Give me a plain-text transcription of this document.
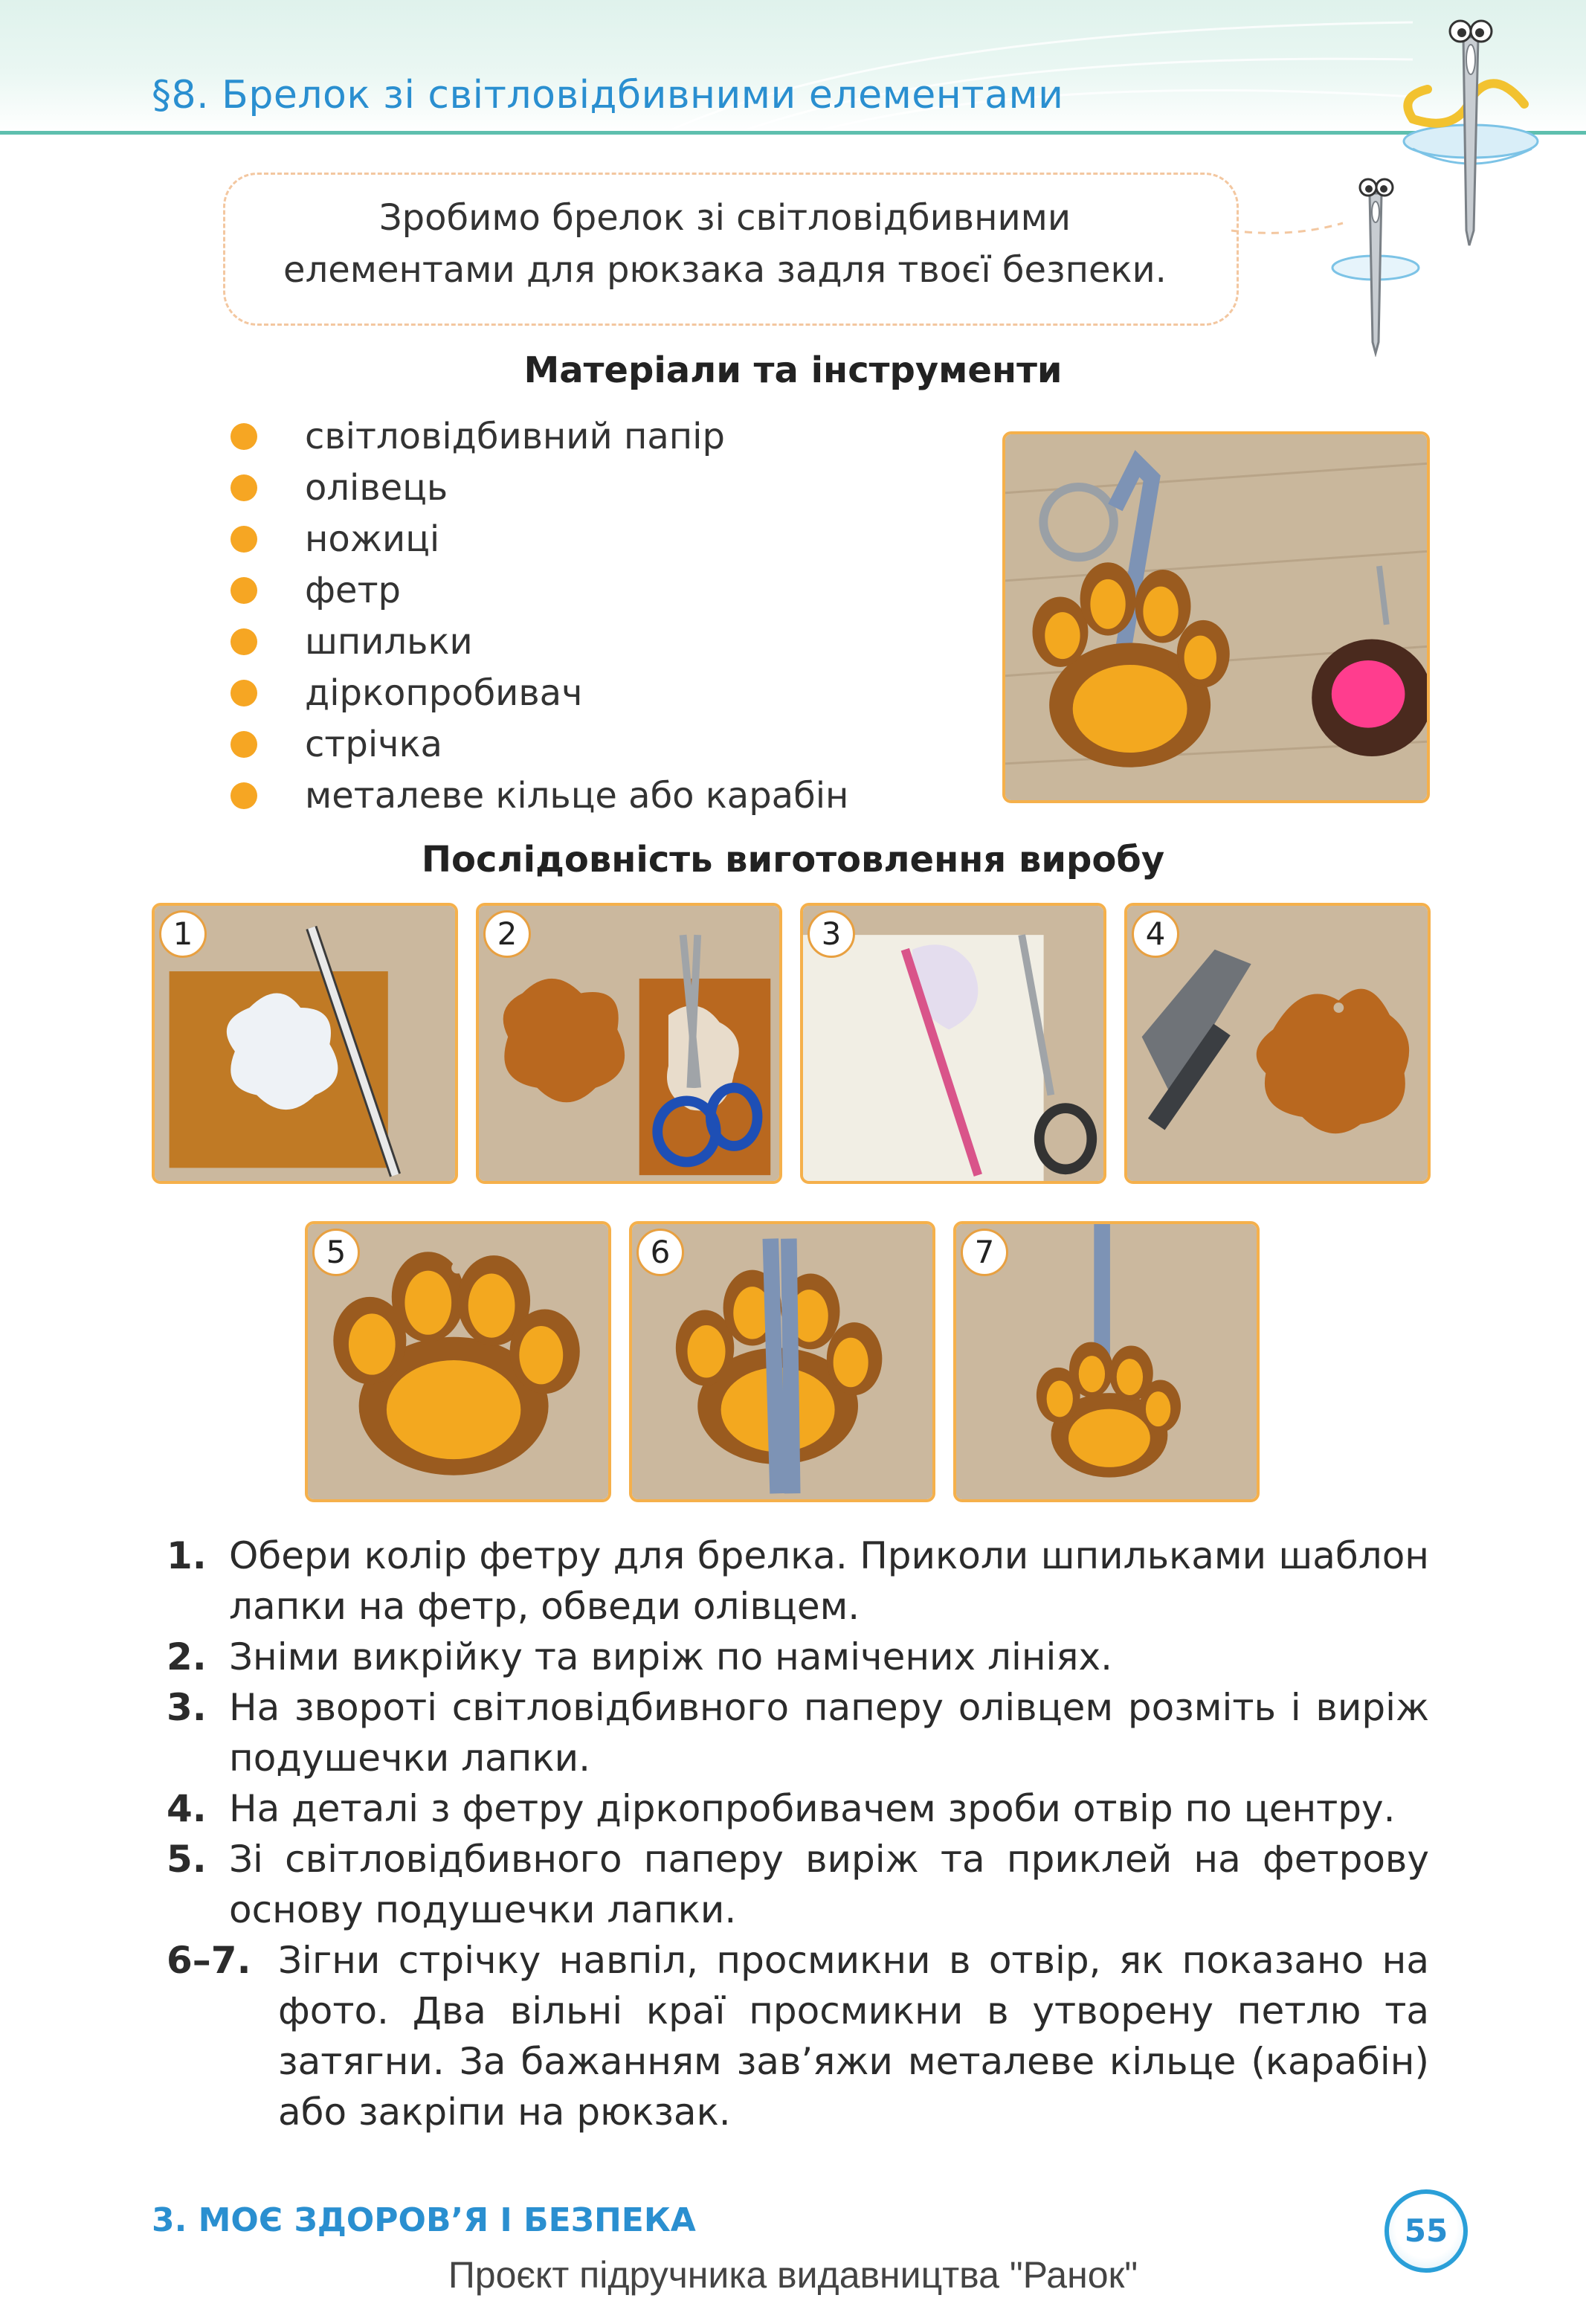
§8. Брелок зі світловідбивними елементами
Зробимо брелок зі світловідбивними
елементами для рюкзака задля твоєї безпеки.
Матеріали та інструменти
світловідбивний папір
олівець
ножиці
фетр
шпильки
діркопробивач
стрічка
металеве кільце або карабін
Послідовність виготовлення виробу
1	2	3	4
5	6	7
1. Обери колір фетру для брелка. Приколи шпильками шаблон лапки на фетр, обведи олівцем.
2. Зніми викрійку та виріж по намічених лініях.
3. На звороті світловідбивного паперу олівцем розміть і виріж подушечки лапки.
4. На деталі з фетру діркопробивачем зроби отвір по центру.
5. Зі світловідбивного паперу виріж та приклей на фетрову основу подушечки лапки.
6–7. Зігни стрічку навпіл, просмикни в отвір, як показано на фото. Два вільні краї просмикни в утворену петлю та затягни. За бажанням зав’яжи металеве кільце (карабін) або закріпи на рюкзак.
3. МОЄ ЗДОРОВ’Я І БЕЗПЕКА	55
Проєкт підручника видавництва "Ранок"
